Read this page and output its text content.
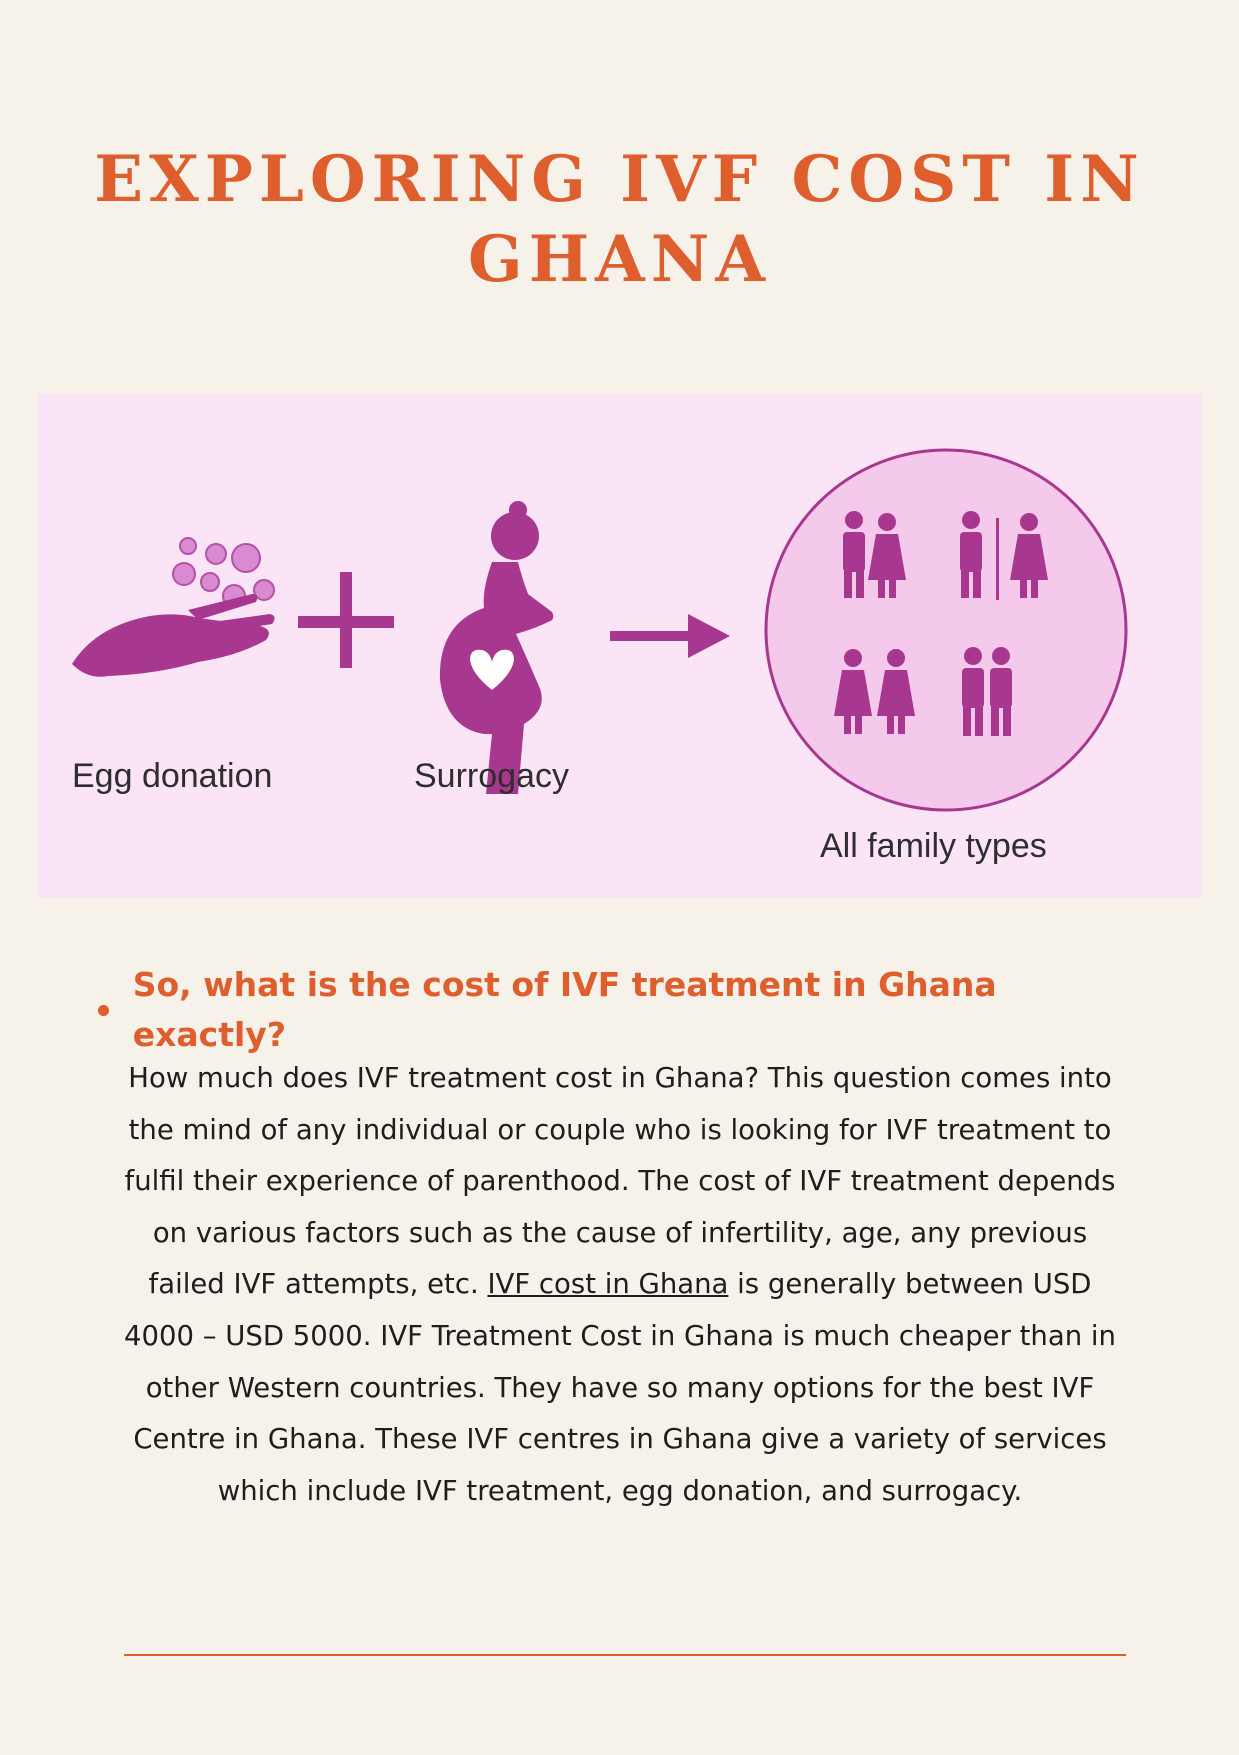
EXPLORING IVF COST IN GHANA
Egg donation	Surrogacy
All family types
So, what is the cost of IVF treatment in Ghana exactly?

How much does IVF treatment cost in Ghana? This question comes into the mind of any individual or couple who is looking for IVF treatment to fulfil their experience of parenthood. The cost of IVF treatment depends on various factors such as the cause of infertility, age, any previous failed IVF attempts, etc. IVF cost in Ghana is generally between USD 4000 – USD 5000. IVF Treatment Cost in Ghana is much cheaper than in other Western countries. They have so many options for the best IVF Centre in Ghana. These IVF centres in Ghana give a variety of services which include IVF treatment, egg donation, and surrogacy.
